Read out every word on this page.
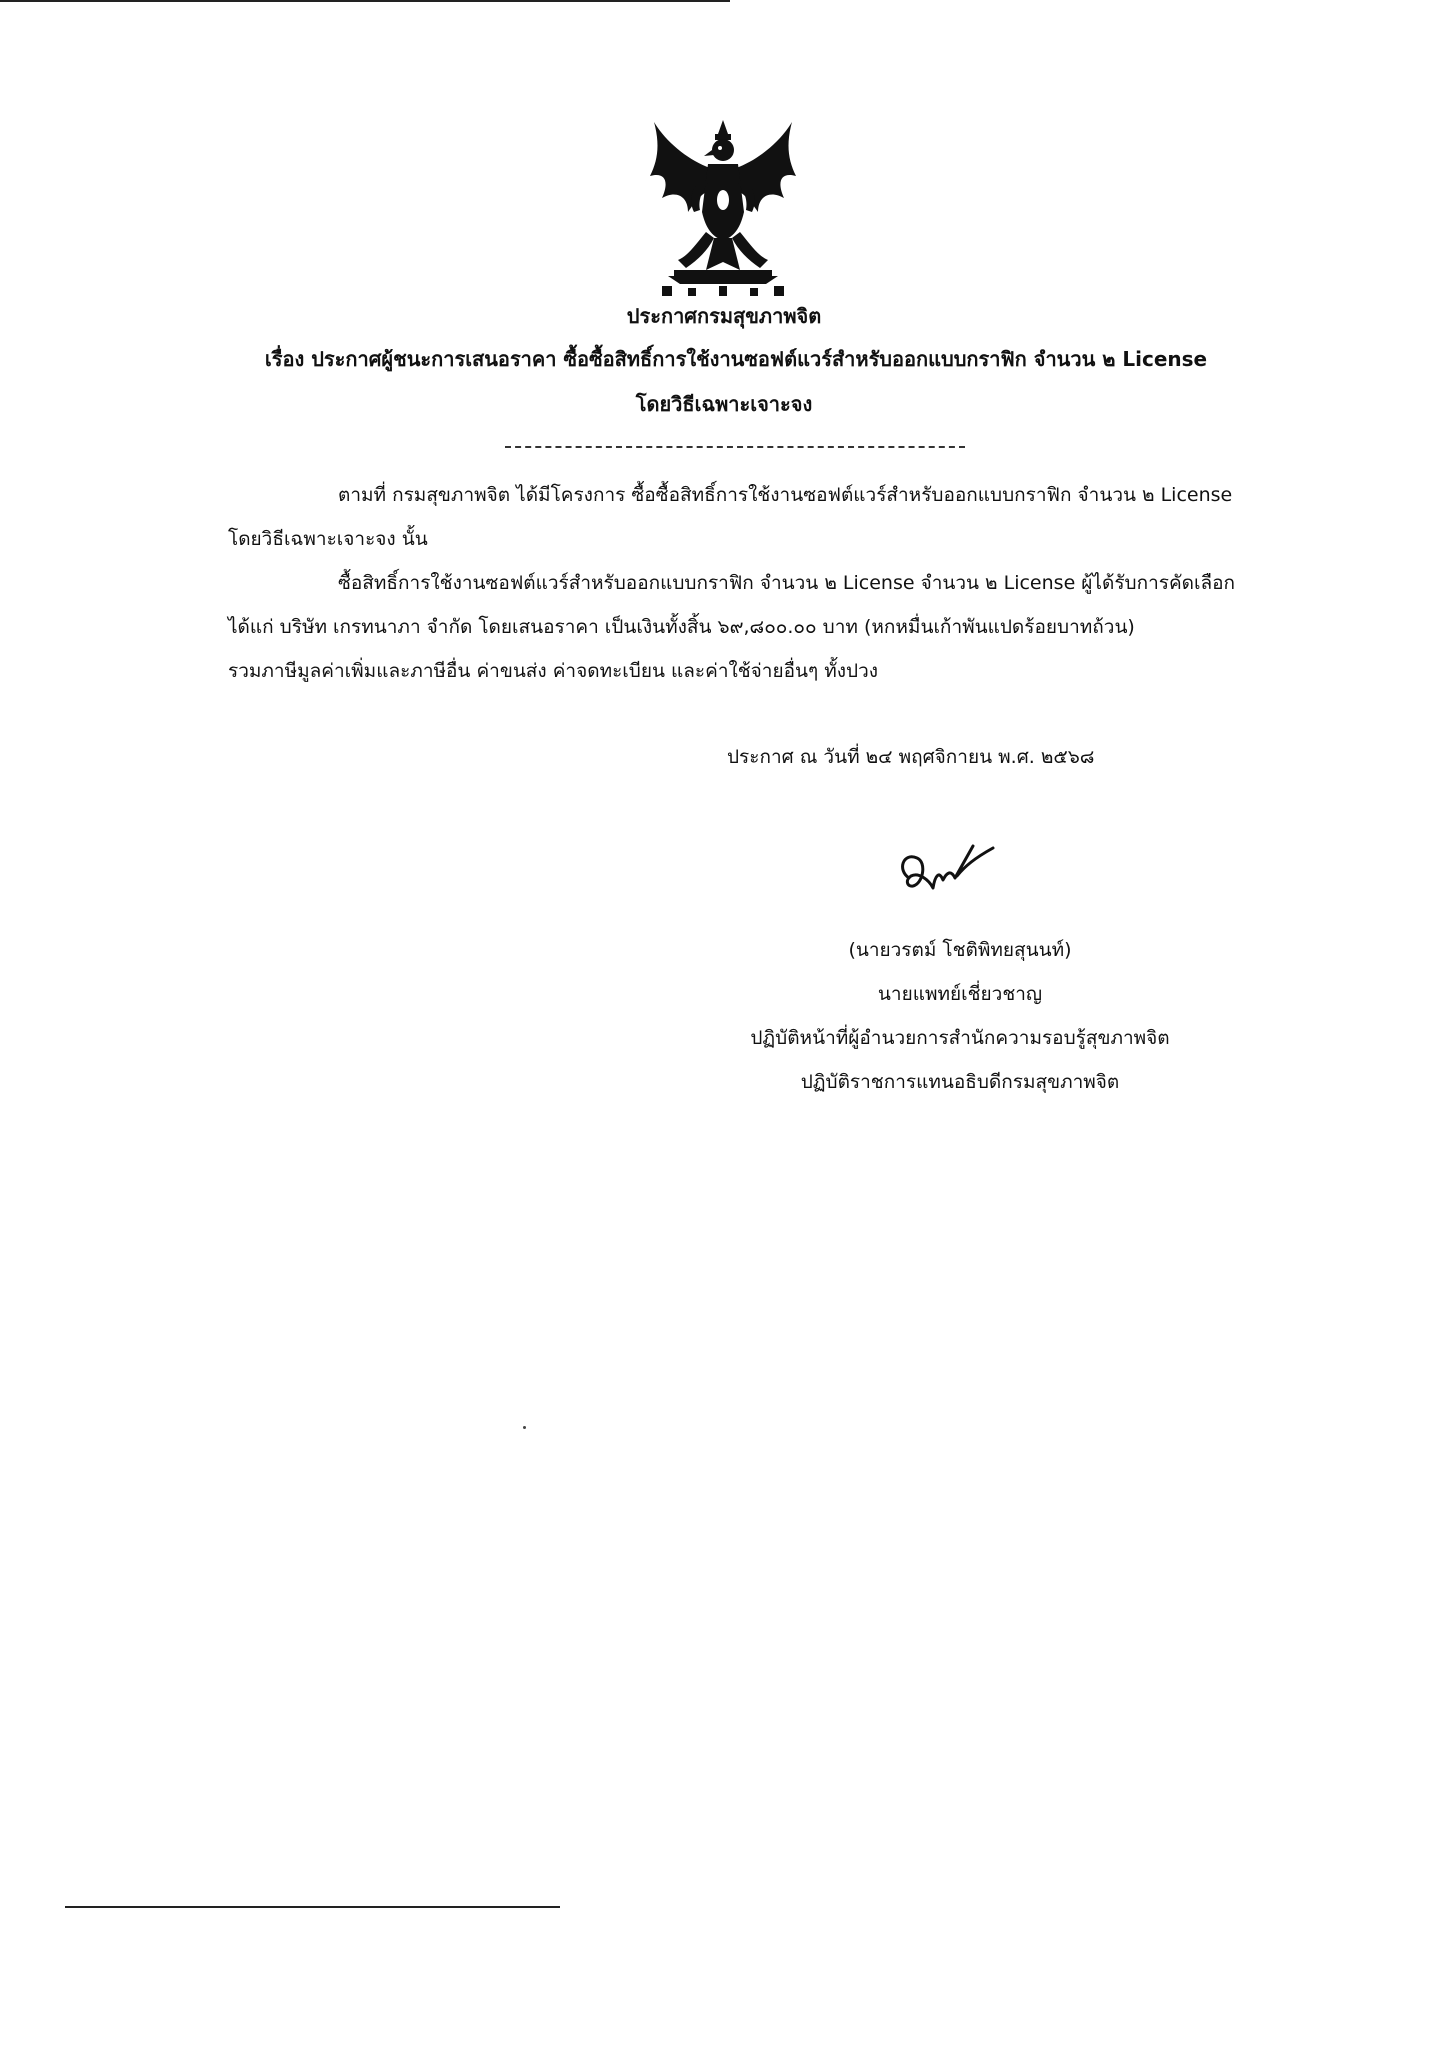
ประกาศกรมสุขภาพจิต
เรื่อง ประกาศผู้ชนะการเสนอราคา ซื้อซื้อสิทธิ์การใช้งานซอฟต์แวร์สำหรับออกแบบกราฟิก จำนวน ๒ License
โดยวิธีเฉพาะเจาะจง
ตามที่ กรมสุขภาพจิต ได้มีโครงการ ซื้อซื้อสิทธิ์การใช้งานซอฟต์แวร์สำหรับออกแบบกราฟิก จำนวน ๒ License
โดยวิธีเฉพาะเจาะจง นั้น
ซื้อสิทธิ์การใช้งานซอฟต์แวร์สำหรับออกแบบกราฟิก จำนวน ๒ License จำนวน ๒ License ผู้ได้รับการคัดเลือก
ได้แก่ บริษัท เกรทนาภา จำกัด โดยเสนอราคา เป็นเงินทั้งสิ้น ๖๙,๘๐๐.๐๐ บาท (หกหมื่นเก้าพันแปดร้อยบาทถ้วน)
รวมภาษีมูลค่าเพิ่มและภาษีอื่น ค่าขนส่ง ค่าจดทะเบียน และค่าใช้จ่ายอื่นๆ ทั้งปวง
ประกาศ ณ วันที่ ๒๔ พฤศจิกายน พ.ศ. ๒๕๖๘
(นายวรตม์ โชติพิทยสุนนท์)
นายแพทย์เชี่ยวชาญ
ปฏิบัติหน้าที่ผู้อำนวยการสำนักความรอบรู้สุขภาพจิต
ปฏิบัติราชการแทนอธิบดีกรมสุขภาพจิต
